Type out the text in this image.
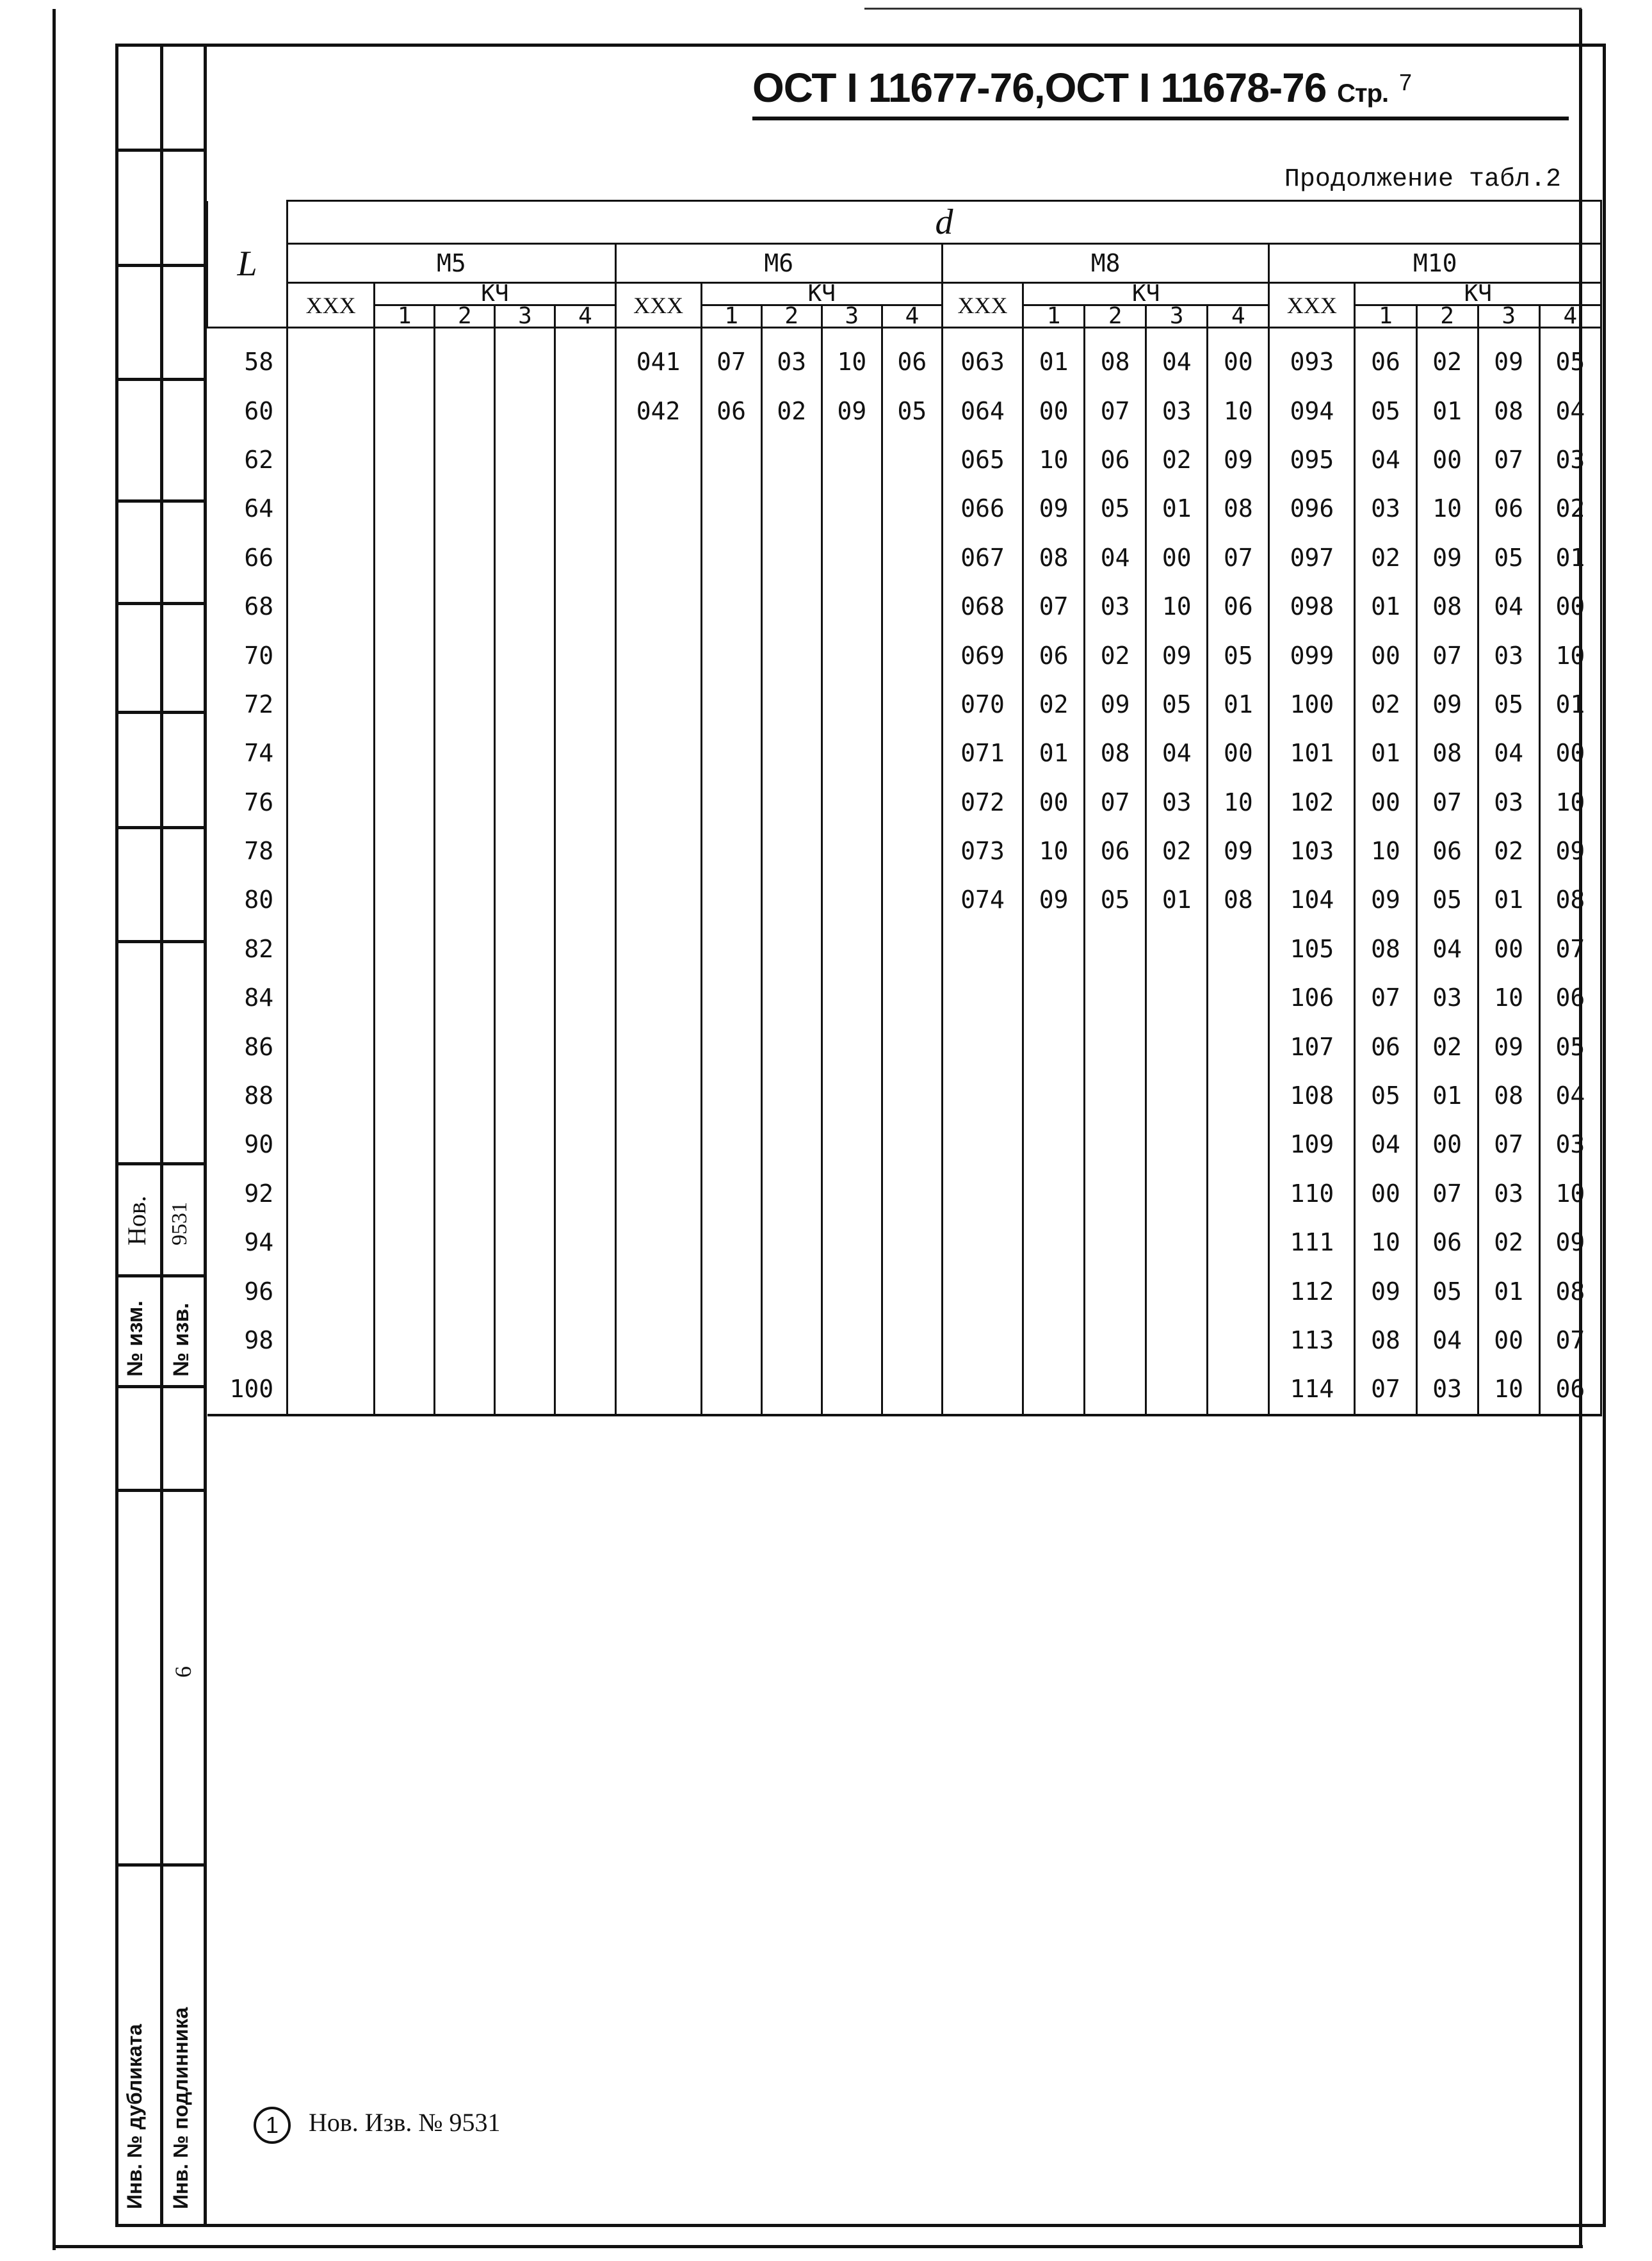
Нов. 9531
№ изм. № изв.
6
Инв. № дубликата Инв. № подлинника
ОСТ I 11677-76,ОСТ I 11678-76 Стр. $^7$
Продолжение табл.2
L	d																			
	М5					М6					М8					М10				
	ХХХ	КЧ				ХХХ	КЧ				ХХХ	КЧ				ХХХ	КЧ			
		1	2	3	4		1	2	3	4		1	2	3	4		1	2	3	4
58						041	07	03	10	06	063	01	08	04	00	093	06	02	09	05
60						042	06	02	09	05	064	00	07	03	10	094	05	01	08	04
62											065	10	06	02	09	095	04	00	07	03
64											066	09	05	01	08	096	03	10	06	02
66											067	08	04	00	07	097	02	09	05	01
68											068	07	03	10	06	098	01	08	04	00
70											069	06	02	09	05	099	00	07	03	10
72											070	02	09	05	01	100	02	09	05	01
74											071	01	08	04	00	101	01	08	04	00
76											072	00	07	03	10	102	00	07	03	10
78											073	10	06	02	09	103	10	06	02	09
80											074	09	05	01	08	104	09	05	01	08
82																105	08	04	00	07
84																106	07	03	10	06
86																107	06	02	09	05
88																108	05	01	08	04
90																109	04	00	07	03
92																110	00	07	03	10
94																111	10	06	02	09
96																112	09	05	01	08
98																113	08	04	00	07
100																114	07	03	10	06
1 Нов. Изв. № 9531
